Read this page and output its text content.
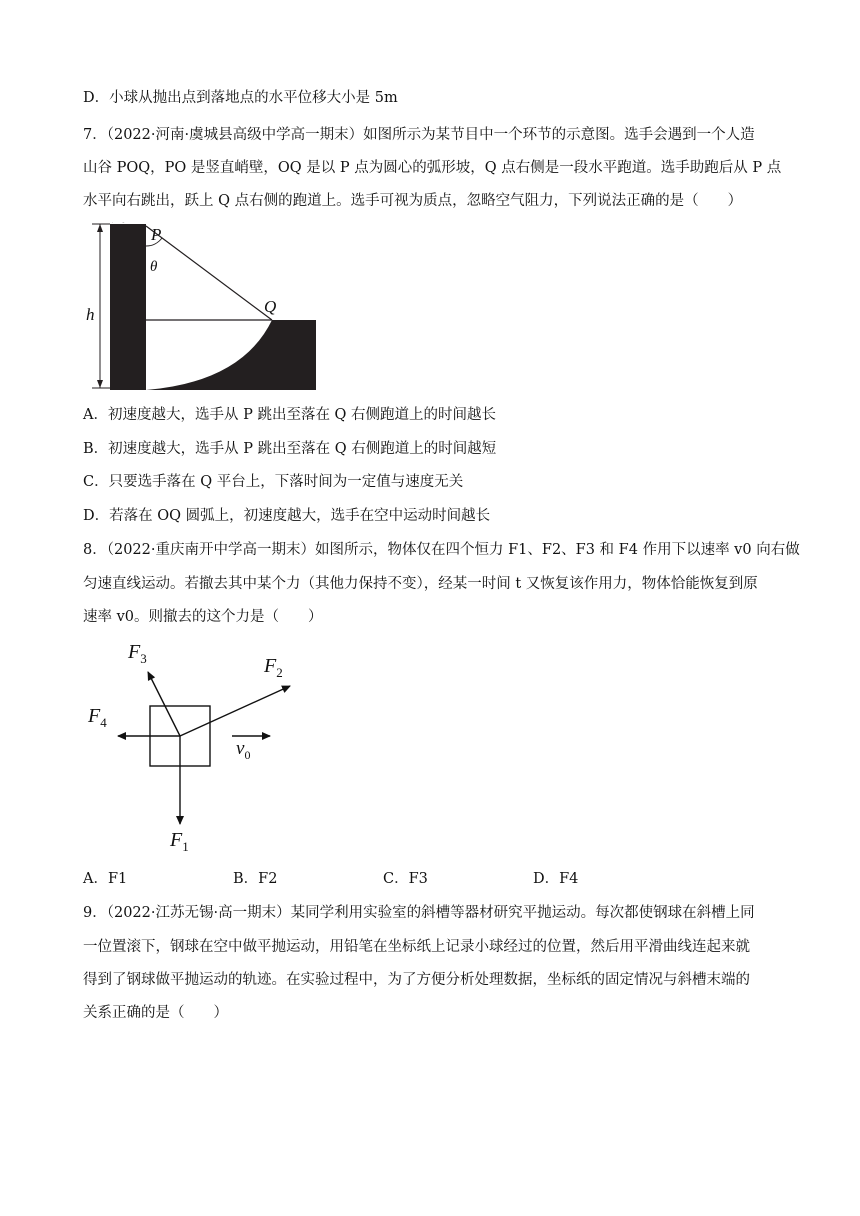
D．小球从抛出点到落地点的水平位移大小是 5m
7．（2022·河南·虞城县高级中学高一期末）如图所示为某节目中一个环节的示意图。选手会遇到一个人造
山谷 POQ，PO 是竖直峭壁，OQ 是以 P 点为圆心的弧形坡，Q 点右侧是一段水平跑道。选手助跑后从 P 点
水平向右跳出，跃上 Q 点右侧的跑道上。选手可视为质点，忽略空气阻力，下列说法正确的是（　　）
P
θ
Q
h
O
A．初速度越大，选手从 P 跳出至落在 Q 右侧跑道上的时间越长
B．初速度越大，选手从 P 跳出至落在 Q 右侧跑道上的时间越短
C．只要选手落在 Q 平台上，下落时间为一定值与速度无关
D．若落在 OQ 圆弧上，初速度越大，选手在空中运动时间越长
8．（2022·重庆南开中学高一期末）如图所示，物体仅在四个恒力 F1、F2、F3 和 F4 作用下以速率 v0 向右做
匀速直线运动。若撤去其中某个力（其他力保持不变），经某一时间 t 又恢复该作用力，物体恰能恢复到原
速率 v0。则撤去的这个力是（　　）
$F_3$	$F_2$
$F_4$
$v_0$
$F_1$
A．F1	B．F2	C．F3	D．F4
9．（2022·江苏无锡·高一期末）某同学利用实验室的斜槽等器材研究平抛运动。每次都使钢球在斜槽上同
一位置滚下，钢球在空中做平抛运动，用铅笔在坐标纸上记录小球经过的位置，然后用平滑曲线连起来就
得到了钢球做平抛运动的轨迹。在实验过程中，为了方便分析处理数据，坐标纸的固定情况与斜槽末端的
关系正确的是（　　）
